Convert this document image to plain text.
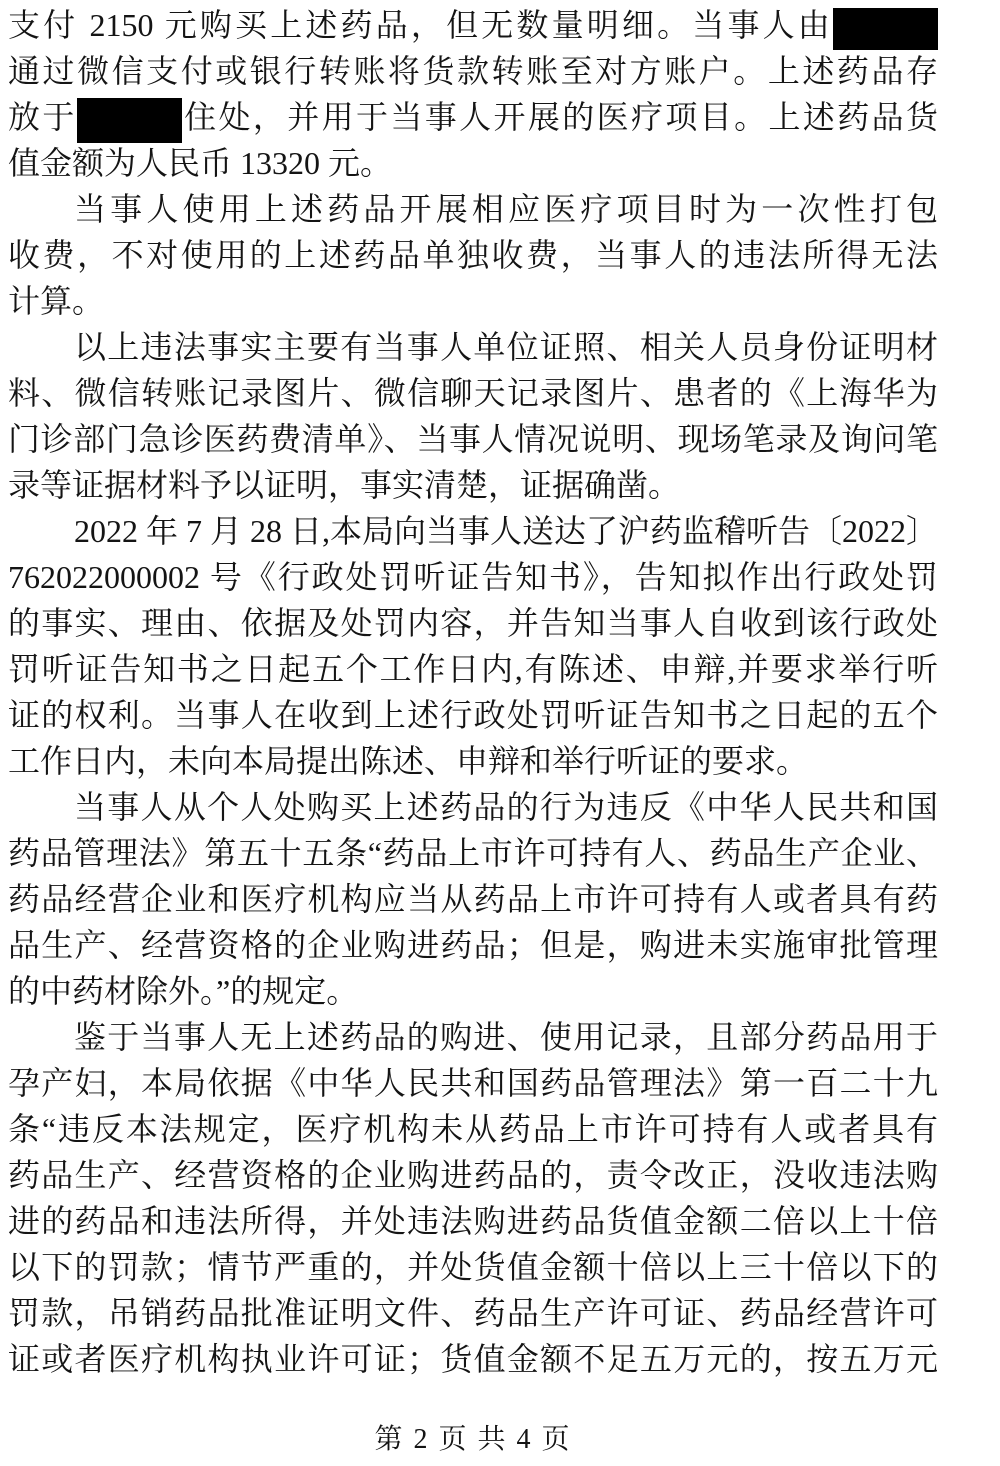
支付 2150 元购买上述药品，但无数量明细。当事人由
通过微信支付或银行转账将货款转账至对方账户。上述药品存
放于	住处，并用于当事人开展的医疗项目。上述药品货
值金额为人民币 13320 元。
当事人使用上述药品开展相应医疗项目时为一次性打包
收费，不对使用的上述药品单独收费，当事人的违法所得无法
计算。
以上违法事实主要有当事人单位证照、相关人员身份证明材
料、微信转账记录图片、微信聊天记录图片、患者的《上海华为
门诊部门急诊医药费清单》、当事人情况说明、现场笔录及询问笔
录等证据材料予以证明，事实清楚，证据确凿。
2022 年 7 月 28 日,本局向当事人送达了沪药监稽听告〔2022〕
762022000002 号《行政处罚听证告知书》，告知拟作出行政处罚
的事实、理由、依据及处罚内容，并告知当事人自收到该行政处
罚听证告知书之日起五个工作日内,有陈述、申辩,并要求举行听
证的权利。当事人在收到上述行政处罚听证告知书之日起的五个
工作日内，未向本局提出陈述、申辩和举行听证的要求。
当事人从个人处购买上述药品的行为违反《中华人民共和国
药品管理法》第五十五条“药品上市许可持有人、药品生产企业、
药品经营企业和医疗机构应当从药品上市许可持有人或者具有药
品生产、经营资格的企业购进药品；但是，购进未实施审批管理
的中药材除外。”的规定。
鉴于当事人无上述药品的购进、使用记录，且部分药品用于
孕产妇，本局依据《中华人民共和国药品管理法》第一百二十九
条“违反本法规定，医疗机构未从药品上市许可持有人或者具有
药品生产、经营资格的企业购进药品的，责令改正，没收违法购
进的药品和违法所得，并处违法购进药品货值金额二倍以上十倍
以下的罚款；情节严重的，并处货值金额十倍以上三十倍以下的
罚款，吊销药品批准证明文件、药品生产许可证、药品经营许可
证或者医疗机构执业许可证；货值金额不足五万元的，按五万元
第 2 页 共 4 页
